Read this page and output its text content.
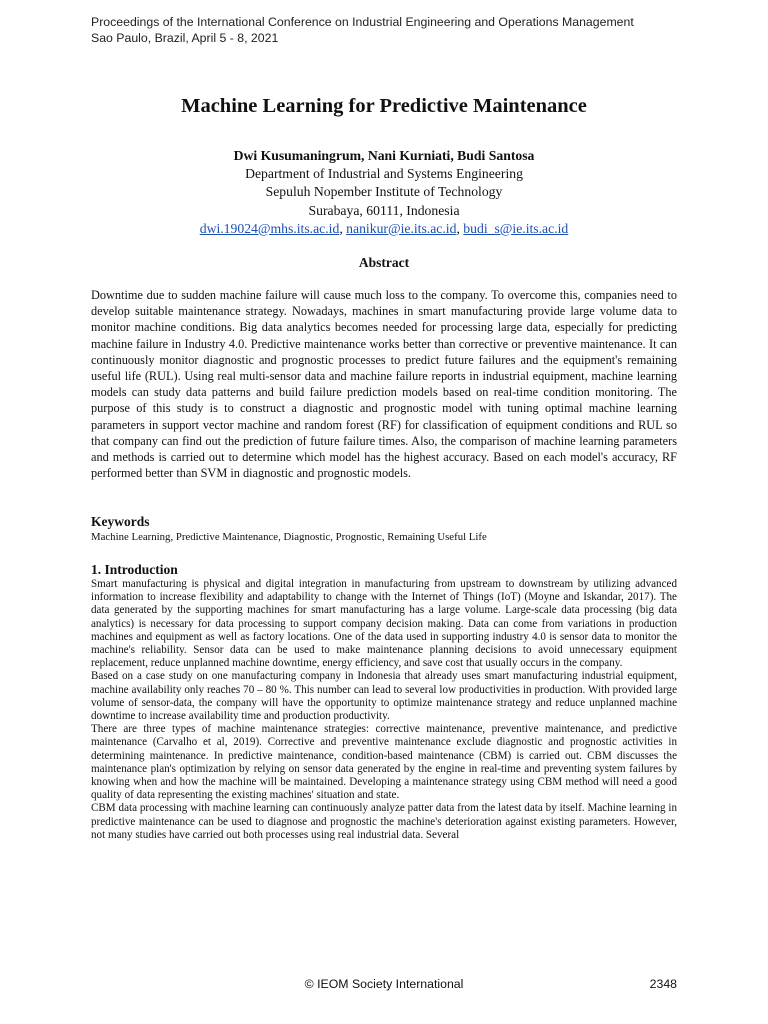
Proceedings of the International Conference on Industrial Engineering and Operations Management
Sao Paulo, Brazil, April 5 - 8, 2021
Machine Learning for Predictive Maintenance
Dwi Kusumaningrum, Nani Kurniati, Budi Santosa
Department of Industrial and Systems Engineering
Sepuluh Nopember Institute of Technology
Surabaya, 60111, Indonesia
dwi.19024@mhs.its.ac.id, nanikur@ie.its.ac.id, budi_s@ie.its.ac.id
Abstract

Downtime due to sudden machine failure will cause much loss to the company. To overcome this, companies need to develop suitable maintenance strategy. Nowadays, machines in smart manufacturing provide large volume data to monitor machine conditions. Big data analytics becomes needed for processing large data, especially for predicting machine failure in Industry 4.0. Predictive maintenance works better than corrective or preventive maintenance. It can continuously monitor diagnostic and prognostic processes to predict future failures and the equipment's remaining useful life (RUL). Using real multi-sensor data and machine failure reports in industrial equipment, machine learning models can study data patterns and build failure prediction models based on real-time condition monitoring. The purpose of this study is to construct a diagnostic and prognostic model with tuning optimal machine learning parameters in support vector machine and random forest (RF) for classification of equipment conditions and RUL so that company can find out the prediction of future failure times. Also, the comparison of machine learning parameters and methods is carried out to determine which model has the highest accuracy. Based on each model's accuracy, RF performed better than SVM in diagnostic and prognostic models.

Keywords
Machine Learning, Predictive Maintenance, Diagnostic, Prognostic, Remaining Useful Life
1. Introduction

Smart manufacturing is physical and digital integration in manufacturing from upstream to downstream by utilizing advanced information to increase flexibility and adaptability to change with the Internet of Things (IoT) (Moyne and Iskandar, 2017). The data generated by the supporting machines for smart manufacturing has a large volume. Large-scale data processing (big data analytics) is necessary for data processing to support company decision making. Data can come from variations in production machines and equipment as well as factory locations. One of the data used in supporting industry 4.0 is sensor data to monitor the machine's reliability. Sensor data can be used to make maintenance planning decisions to avoid unnecessary equipment replacement, reduce unplanned machine downtime, energy efficiency, and save cost that usually occurs in the company.

Based on a case study on one manufacturing company in Indonesia that already uses smart manufacturing industrial equipment, machine availability only reaches 70 – 80 %. This number can lead to several low productivities in production. With provided large volume of sensor-data, the company will have the opportunity to optimize maintenance strategy and reduce unplanned machine downtime to increase availability time and production productivity.

There are three types of machine maintenance strategies: corrective maintenance, preventive maintenance, and predictive maintenance (Carvalho et al, 2019). Corrective and preventive maintenance exclude diagnostic and prognostic activities in determining maintenance. In predictive maintenance, condition-based maintenance (CBM) is carried out. CBM discusses the maintenance plan's optimization by relying on sensor data generated by the engine in real-time and preventing system failures by knowing when and how the machine will be maintained. Developing a maintenance strategy using CBM method will need a good quality of data representing the existing machines' situation and state.

CBM data processing with machine learning can continuously analyze patter data from the latest data by itself. Machine learning in predictive maintenance can be used to diagnose and prognostic the machine's deterioration against existing parameters. However, not many studies have carried out both processes using real industrial data. Several

© IEOM Society International	2348
